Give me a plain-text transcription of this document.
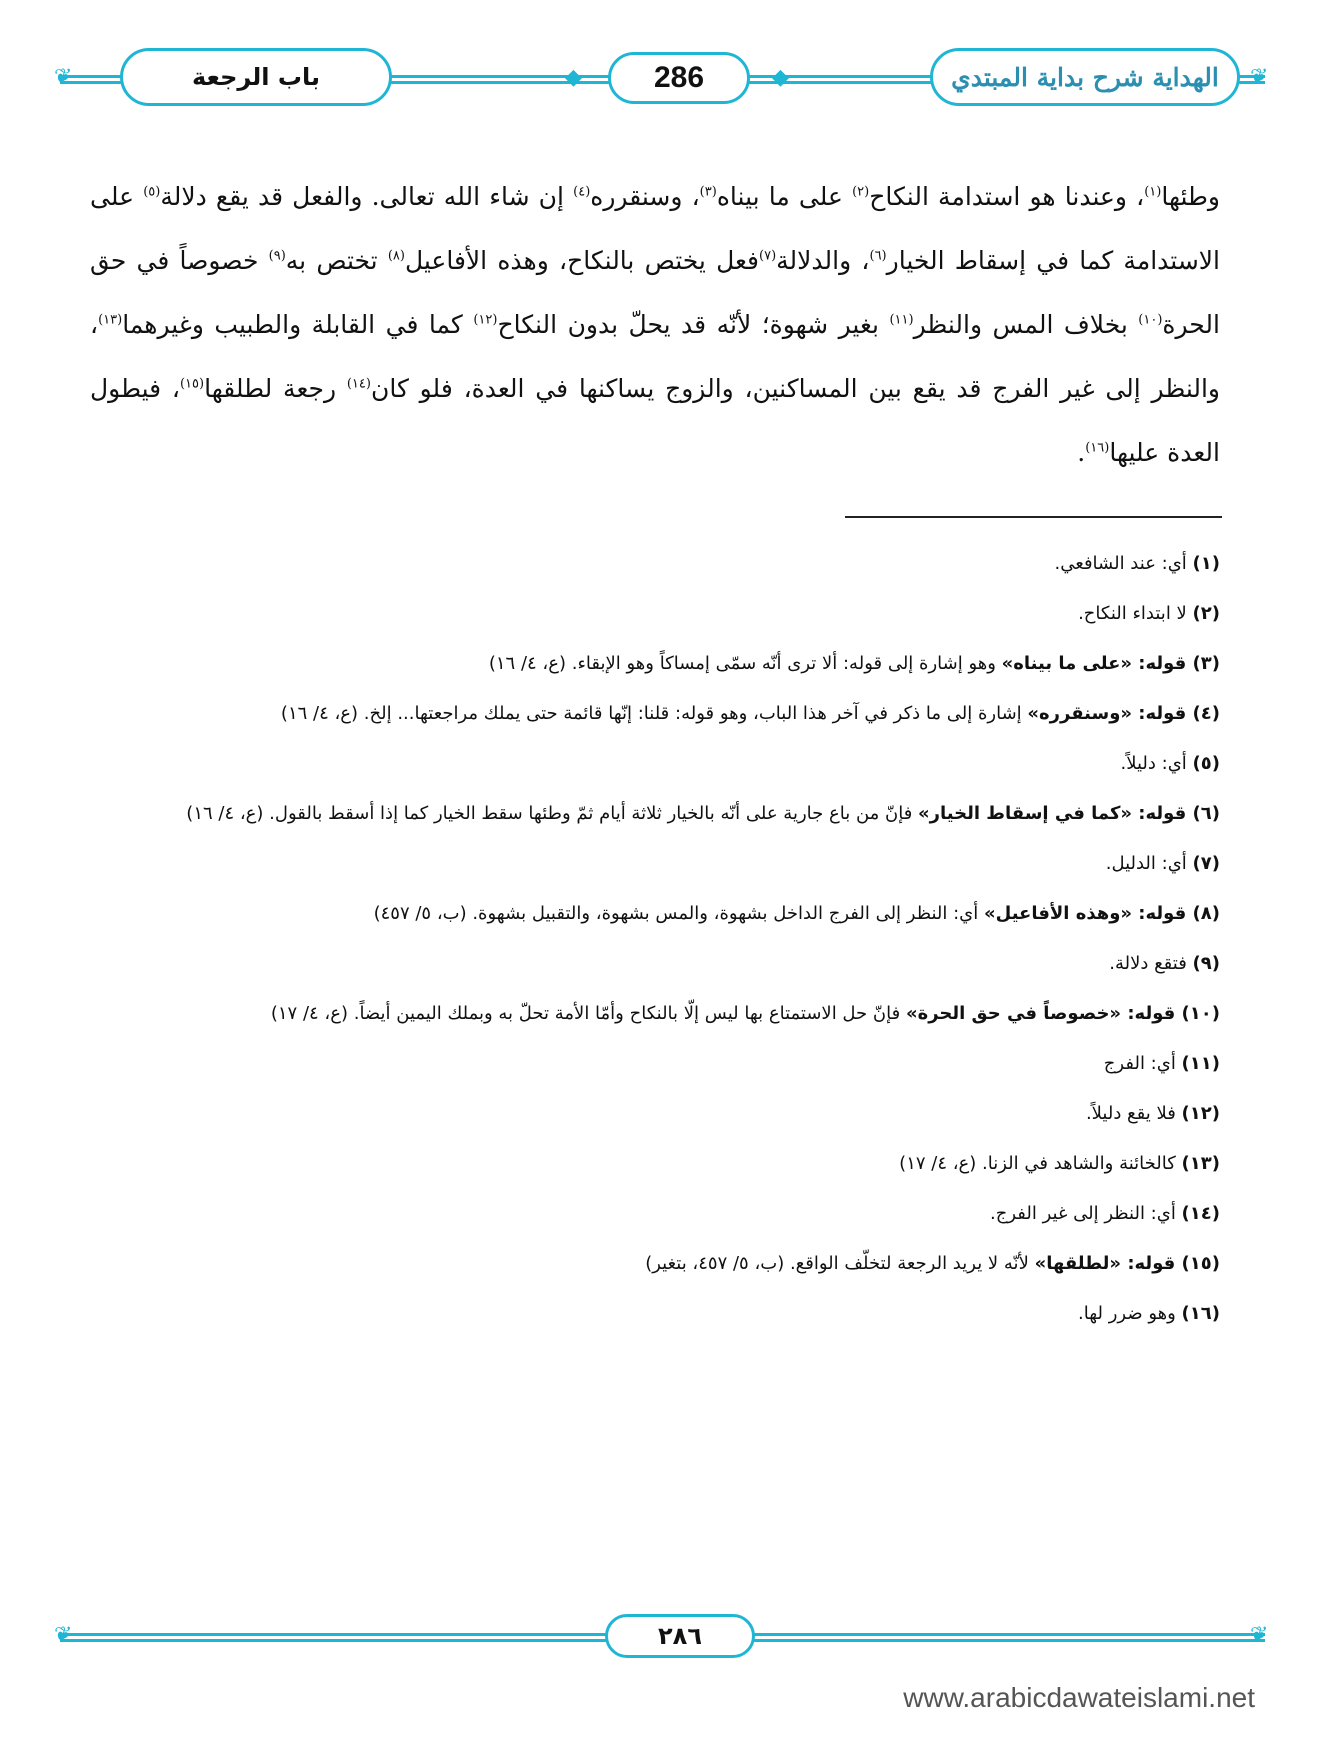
❦	❦
◆	◆
باب الرجعة	286	الهداية شرح بداية المبتدي
وطئها$^{(١)}$، وعندنا هو استدامة النكاح$^{(٢)}$ على ما بيناه$^{(٣)}$، وسنقرره$^{(٤)}$ إن شاء الله تعالى. والفعل قد يقع دلالة$^{(٥)}$ على الاستدامة كما في إسقاط الخيار$^{(٦)}$، والدلالة$^{(٧)}$فعل يختص بالنكاح، وهذه الأفاعيل$^{(٨)}$ تختص به$^{(٩)}$ خصوصاً في حق الحرة$^{(١٠)}$ بخلاف المس والنظر$^{(١١)}$ بغير شهوة؛ لأنّه قد يحلّ بدون النكاح$^{(١٢)}$ كما في القابلة والطبيب وغيرهما$^{(١٣)}$، والنظر إلى غير الفرج قد يقع بين المساكنين، والزوج يساكنها في العدة، فلو كان$^{(١٤)}$ رجعة لطلقها$^{(١٥)}$، فيطول العدة عليها$^{(١٦)}$.
(١) أي: عند الشافعي.
(٢) لا ابتداء النكاح.
(٣) قوله: «على ما بيناه» وهو إشارة إلى قوله: ألا ترى أنّه سمّى إمساكاً وهو الإبقاء. (ع، ٤/ ١٦)
(٤) قوله: «وسنقرره» إشارة إلى ما ذكر في آخر هذا الباب، وهو قوله: قلنا: إنّها قائمة حتى يملك مراجعتها... إلخ. (ع، ٤/ ١٦)
(٥) أي: دليلاً.
(٦) قوله: «كما في إسقاط الخيار» فإنّ من باع جارية على أنّه بالخيار ثلاثة أيام ثمّ وطئها سقط الخيار كما إذا أسقط بالقول. (ع، ٤/ ١٦)
(٧) أي: الدليل.
(٨) قوله: «وهذه الأفاعيل» أي: النظر إلى الفرج الداخل بشهوة، والمس بشهوة، والتقبيل بشهوة. (ب، ٥/ ٤٥٧)
(٩) فتقع دلالة.
(١٠) قوله: «خصوصاً في حق الحرة» فإنّ حل الاستمتاع بها ليس إلّا بالنكاح وأمّا الأمة تحلّ به وبملك اليمين أيضاً. (ع، ٤/ ١٧)
(١١) أي: الفرج
(١٢) فلا يقع دليلاً.
(١٣) كالخائنة والشاهد في الزنا. (ع، ٤/ ١٧)
(١٤) أي: النظر إلى غير الفرج.
(١٥) قوله: «لطلقها» لأنّه لا يريد الرجعة لتخلّف الواقع. (ب، ٥/ ٤٥٧، بتغير)
(١٦) وهو ضرر لها.
❦	❦
٢٨٦
www.arabicdawateislami.net
